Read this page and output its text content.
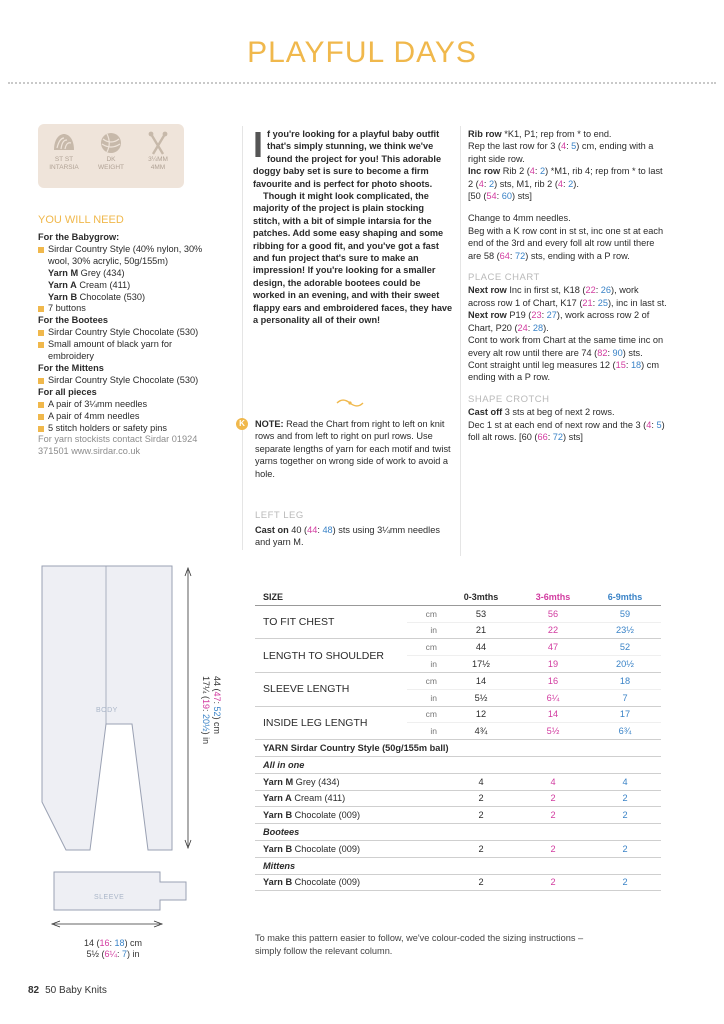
PLAYFUL DAYS
ST ST
INTARSIA
DK
WEIGHT
3¼MM
4MM
YOU WILL NEED
For the Babygrow:
Sirdar Country Style (40% nylon, 30% wool, 30% acrylic, 50g/155m)
Yarn M Grey (434)
Yarn A Cream (411)
Yarn B Chocolate (530)
7 buttons
For the Bootees
Sirdar Country Style Chocolate (530)
Small amount of black yarn for embroidery
For the Mittens
Sirdar Country Style Chocolate (530)
For all pieces
A pair of 3¼mm needles
A pair of 4mm needles
5 stitch holders or safety pins
For yarn stockists contact Sirdar 01924 371501 www.sirdar.co.uk

If you're looking for a playful baby outfit that's simply stunning, we think we've found the project for you! This adorable doggy baby set is sure to become a firm favourite and is perfect for photo shoots.

Though it might look complicated, the majority of the project is plain stocking stitch, with a bit of simple intarsia for the patches. Add some easy shaping and some ribbing for a good fit, and you've got a fast and fun project that's sure to make an impression! If you're looking for a smaller design, the adorable bootees could be worked in an evening, and with their sweet flappy ears and embroidered faces, they have a personality all of their own!

K	NOTE: Read the Chart from right to left on knit rows and from left to right on purl rows. Use separate lengths of yarn for each motif and twist yarns together on wrong side of work to avoid a hole.
LEFT LEG
Cast on 40 (44: 48) sts using 3¼mm needles and yarn M.

Rib row *K1, P1; rep from * to end.

Rep the last row for 3 (4: 5) cm, ending with a right side row.

Inc row Rib 2 (4: 2) *M1, rib 4; rep from * to last 2 (4: 2) sts, M1, rib 2 (4: 2).

[50 (54: 60) sts]

Change to 4mm needles.

Beg with a K row cont in st st, inc one st at each end of the 3rd and every foll alt row until there are 58 (64: 72) sts, ending with a P row.

PLACE CHART

Next row Inc in first st, K18 (22: 26), work across row 1 of Chart, K17 (21: 25), inc in last st.

Next row P19 (23: 27), work across row 2 of Chart, P20 (24: 28).

Cont to work from Chart at the same time inc on every alt row until there are 74 (82: 90) sts.

Cont straight until leg measures 12 (15: 18) cm ending with a P row.

SHAPE CROTCH

Cast off 3 sts at beg of next 2 rows.

Dec 1 st at each end of next row and the 3 (4: 5) foll alt rows. [60 (66: 72) sts]

BODY
SLEEVE
44 (47: 52) cm
17¼ (19: 20½) in
14 (16: 18) cm
5½ (6¼: 7) in
SIZE		0-3mths	3-6mths	6-9mths
TO FIT CHEST	cm	53	56	59
	in	21	22	23½
LENGTH TO SHOULDER	cm	44	47	52
	in	17½	19	20½
SLEEVE LENGTH	cm	14	16	18
	in	5½	6¼	7
INSIDE LEG LENGTH	cm	12	14	17
	in	4¾	5½	6¾
YARN Sirdar Country Style (50g/155m ball)				
All in one				
Yarn M Grey (434)		4	4	4
Yarn A Cream (411)		2	2	2
Yarn B Chocolate (009)		2	2	2
Bootees				
Yarn B Chocolate (009)		2	2	2
Mittens				
Yarn B Chocolate (009)		2	2	2
To make this pattern easier to follow, we've colour-coded the sizing instructions – simply follow the relevant column.
82 50 Baby Knits
